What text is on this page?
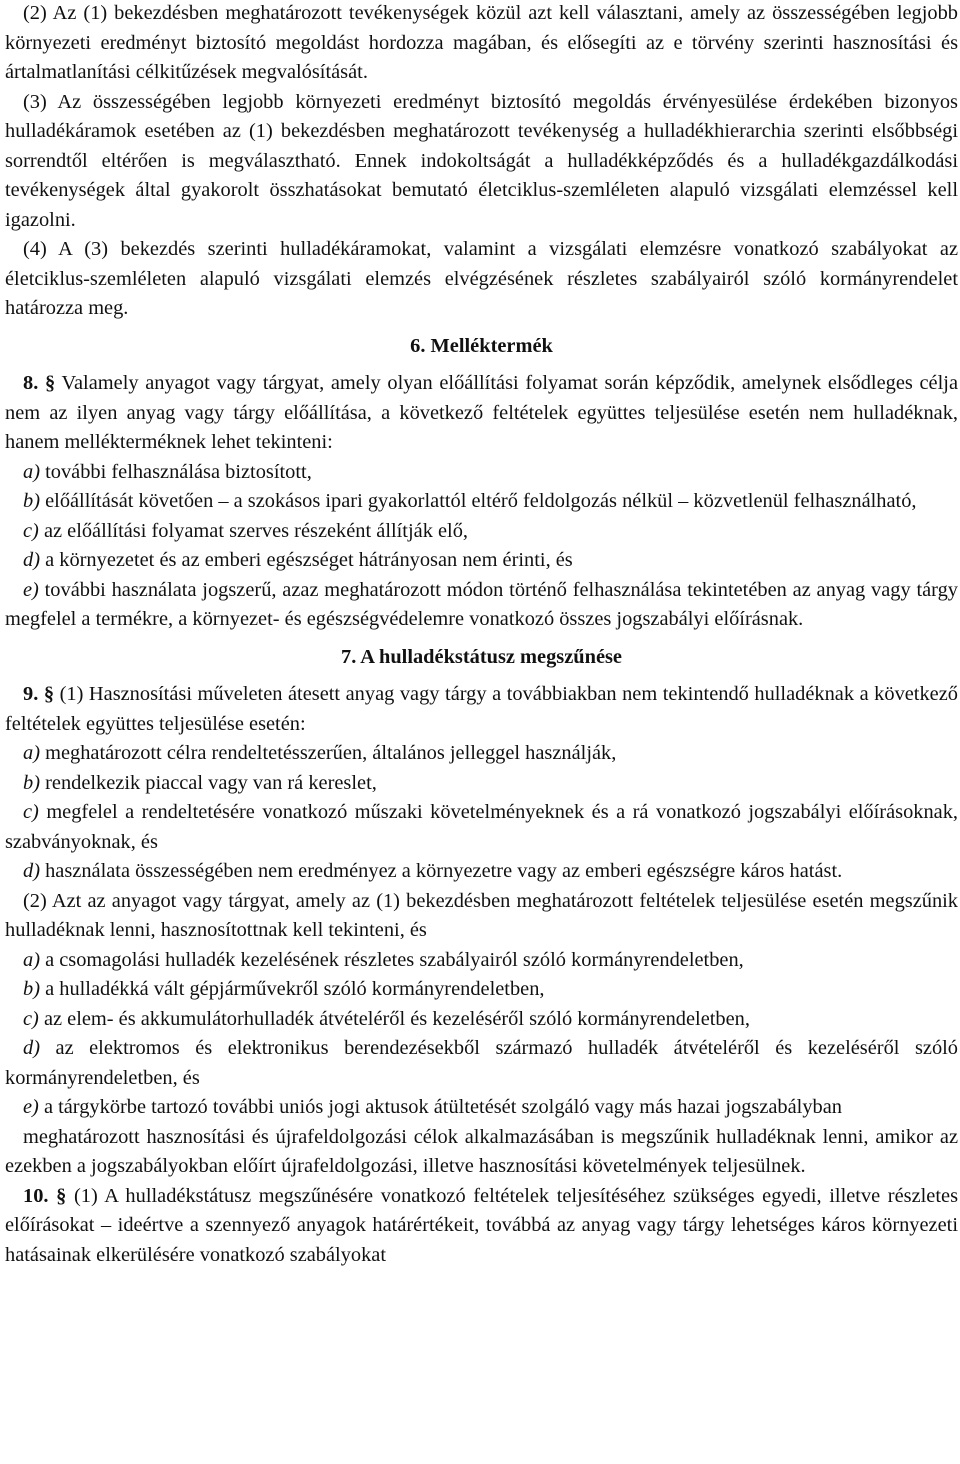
(2) Az (1) bekezdésben meghatározott tevékenységek közül azt kell választani, amely az összességében legjobb környezeti eredményt biztosító megoldást hordozza magában, és elősegíti az e törvény szerinti hasznosítási és ártalmatlanítási célkitűzések megvalósítását.

(3) Az összességében legjobb környezeti eredményt biztosító megoldás érvényesülése érdekében bizonyos hulladékáramok esetében az (1) bekezdésben meghatározott tevékenység a hulladékhierarchia szerinti elsőbbségi sorrendtől eltérően is megválasztható. Ennek indokoltságát a hulladékképződés és a hulladékgazdálkodási tevékenységek által gyakorolt összhatásokat bemutató életciklus-szemléleten alapuló vizsgálati elemzéssel kell igazolni.

(4) A (3) bekezdés szerinti hulladékáramokat, valamint a vizsgálati elemzésre vonatkozó szabályokat az életciklus-szemléleten alapuló vizsgálati elemzés elvégzésének részletes szabályairól szóló kormányrendelet határozza meg.

6. Melléktermék

8. § Valamely anyagot vagy tárgyat, amely olyan előállítási folyamat során képződik, amelynek elsődleges célja nem az ilyen anyag vagy tárgy előállítása, a következő feltételek együttes teljesülése esetén nem hulladéknak, hanem mellékterméknek lehet tekinteni:

a) további felhasználása biztosított,

b) előállítását követően – a szokásos ipari gyakorlattól eltérő feldolgozás nélkül – közvetlenül felhasználható,

c) az előállítási folyamat szerves részeként állítják elő,

d) a környezetet és az emberi egészséget hátrányosan nem érinti, és

e) további használata jogszerű, azaz meghatározott módon történő felhasználása tekintetében az anyag vagy tárgy megfelel a termékre, a környezet- és egészségvédelemre vonatkozó összes jogszabályi előírásnak.

7. A hulladékstátusz megszűnése

9. § (1) Hasznosítási műveleten átesett anyag vagy tárgy a továbbiakban nem tekintendő hulladéknak a következő feltételek együttes teljesülése esetén:

a) meghatározott célra rendeltetésszerűen, általános jelleggel használják,

b) rendelkezik piaccal vagy van rá kereslet,

c) megfelel a rendeltetésére vonatkozó műszaki követelményeknek és a rá vonatkozó jogszabályi előírásoknak, szabványoknak, és

d) használata összességében nem eredményez a környezetre vagy az emberi egészségre káros hatást.

(2) Azt az anyagot vagy tárgyat, amely az (1) bekezdésben meghatározott feltételek teljesülése esetén megszűnik hulladéknak lenni, hasznosítottnak kell tekinteni, és

a) a csomagolási hulladék kezelésének részletes szabályairól szóló kormányrendeletben,

b) a hulladékká vált gépjárművekről szóló kormányrendeletben,

c) az elem- és akkumulátorhulladék átvételéről és kezeléséről szóló kormányrendeletben,

d) az elektromos és elektronikus berendezésekből származó hulladék átvételéről és kezeléséről szóló kormányrendeletben, és

e) a tárgykörbe tartozó további uniós jogi aktusok átültetését szolgáló vagy más hazai jogszabályban

meghatározott hasznosítási és újrafeldolgozási célok alkalmazásában is megszűnik hulladéknak lenni, amikor az ezekben a jogszabályokban előírt újrafeldolgozási, illetve hasznosítási követelmények teljesülnek.

10. § (1) A hulladékstátusz megszűnésére vonatkozó feltételek teljesítéséhez szükséges egyedi, illetve részletes előírásokat – ideértve a szennyező anyagok határértékeit, továbbá az anyag vagy tárgy lehetséges káros környezeti hatásainak elkerülésére vonatkozó szabályokat
